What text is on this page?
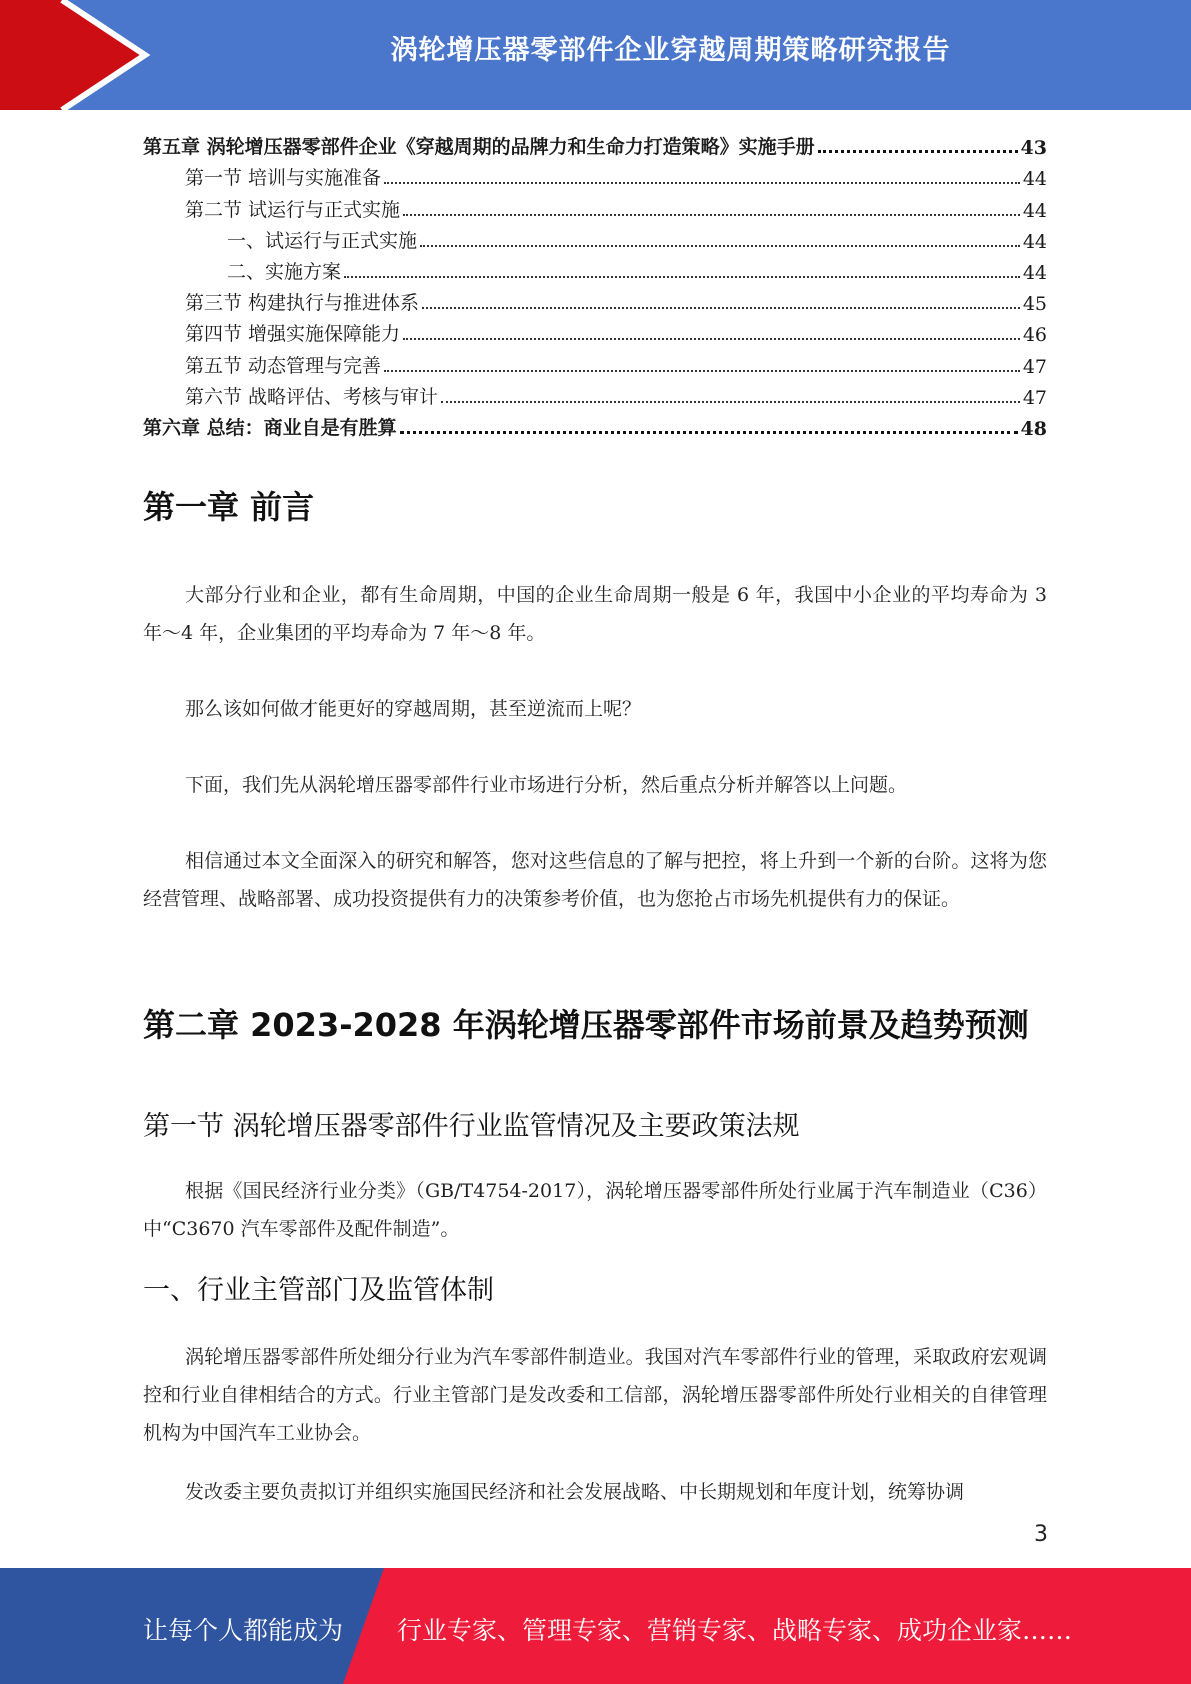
涡轮增压器零部件企业穿越周期策略研究报告
第五章 涡轮增压器零部件企业《穿越周期的品牌力和生命力打造策略》实施手册	43
第一节 培训与实施准备	44
第二节 试运行与正式实施	44
一、试运行与正式实施	44
二、实施方案	44
第三节 构建执行与推进体系	45
第四节 增强实施保障能力	46
第五节 动态管理与完善	47
第六节 战略评估、考核与审计	47
第六章 总结：商业自是有胜算	48
第一章 前言

大部分行业和企业，都有生命周期，中国的企业生命周期一般是 6 年，我国中小企业的平均寿命为 3 年～4 年，企业集团的平均寿命为 7 年～8 年。

那么该如何做才能更好的穿越周期，甚至逆流而上呢？

下面，我们先从涡轮增压器零部件行业市场进行分析，然后重点分析并解答以上问题。

相信通过本文全面深入的研究和解答，您对这些信息的了解与把控，将上升到一个新的台阶。这将为您经营管理、战略部署、成功投资提供有力的决策参考价值，也为您抢占市场先机提供有力的保证。

第二章 2023-2028 年涡轮增压器零部件市场前景及趋势预测
第一节 涡轮增压器零部件行业监管情况及主要政策法规

根据《国民经济行业分类》（GB/T4754-2017），涡轮增压器零部件所处行业属于汽车制造业（C36）中“C3670 汽车零部件及配件制造”。

一、行业主管部门及监管体制

涡轮增压器零部件所处细分行业为汽车零部件制造业。我国对汽车零部件行业的管理，采取政府宏观调控和行业自律相结合的方式。行业主管部门是发改委和工信部，涡轮增压器零部件所处行业相关的自律管理机构为中国汽车工业协会。

发改委主要负责拟订并组织实施国民经济和社会发展战略、中长期规划和年度计划，统筹协调

3
让每个人都能成为 行业专家、管理专家、营销专家、战略专家、成功企业家……
